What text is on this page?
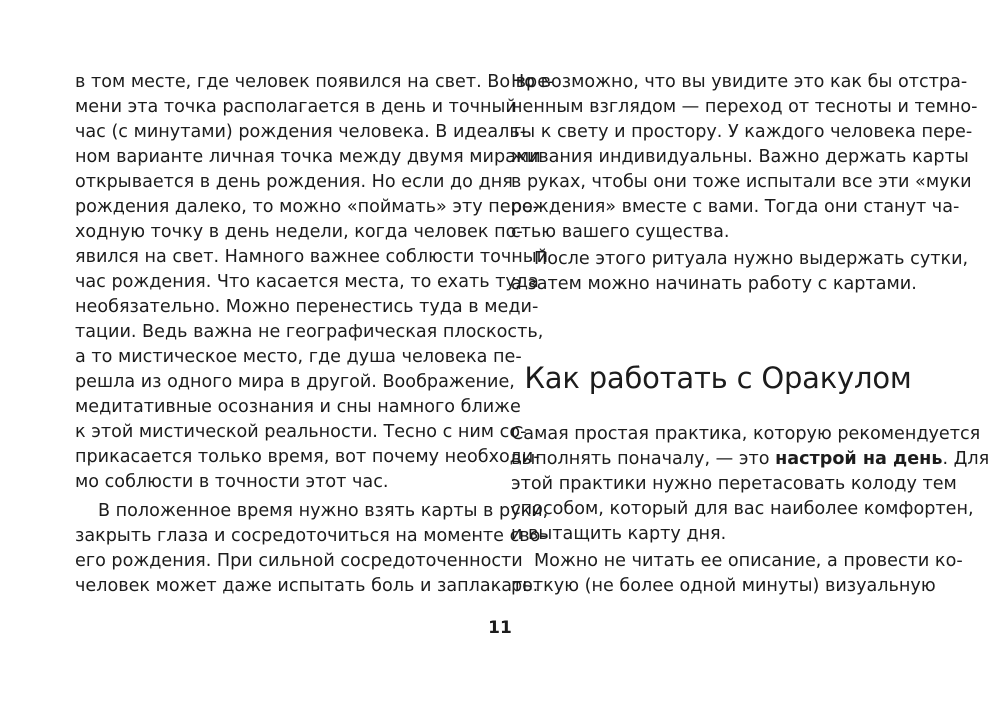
в том месте, где человек появился на свет. Во вре-
мени эта точка располагается в день и точный
час (с минутами) рождения человека. В идеаль-
ном варианте личная точка между двумя мирами
открывается в день рождения. Но если до дня
рождения далеко, то можно «поймать» эту пере-
ходную точку в день недели, когда человек по-
явился на свет. Намного важнее соблюсти точный
час рождения. Что касается места, то ехать туда
необязательно. Можно перенестись туда в меди-
тации. Ведь важна не географическая плоскость,
а то мистическое место, где душа человека пе-
решла из одного мира в другой. Воображение,
медитативные осознания и сны намного ближе
к этой мистической реальности. Тесно с ним со-
прикасается только время, вот почему необходи-
мо соблюсти в точности этот час.
В положенное время нужно взять карты в руки,
закрыть глаза и сосредоточиться на моменте сво-
его рождения. При сильной сосредоточенности
человек может даже испытать боль и заплакать.
Но возможно, что вы увидите это как бы отстра-
ненным взглядом — переход от тесноты и темно-
ты к свету и простору. У каждого человека пере-
живания индивидуальны. Важно держать карты
в руках, чтобы они тоже испытали все эти «муки
рождения» вместе с вами. Тогда они станут ча-
стью вашего существа.
После этого ритуала нужно выдержать сутки,
а затем можно начинать работу с картами.
Как работать с Оракулом
Самая простая практика, которую рекомендуется
выполнять поначалу, — это настрой на день. Для
этой практики нужно перетасовать колоду тем
способом, который для вас наиболее комфортен,
и вытащить карту дня.
Можно не читать ее описание, а провести ко-
роткую (не более одной минуты) визуальную
11
